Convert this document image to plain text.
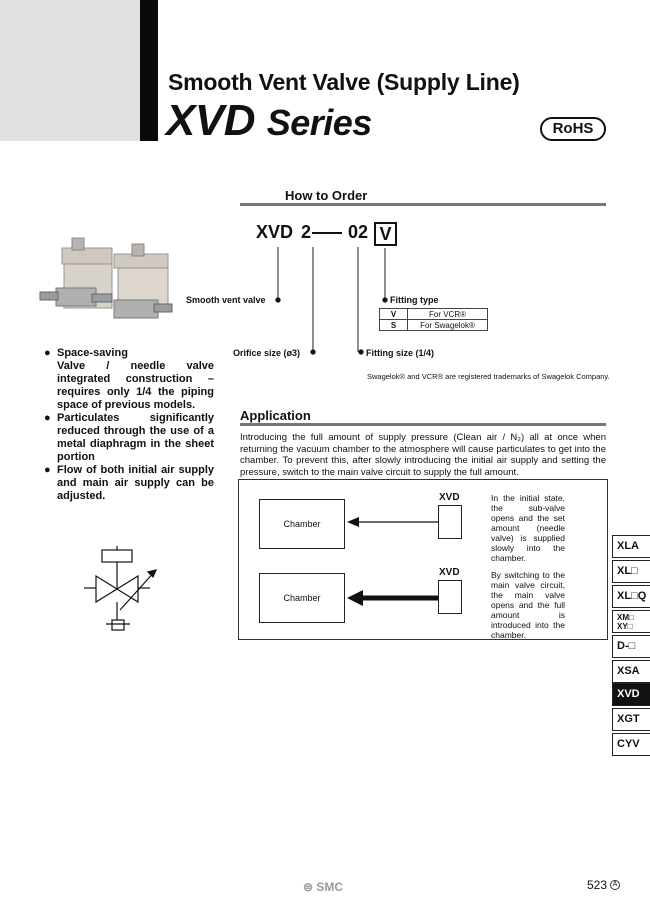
Smooth Vent Valve (Supply Line)
XVD Series	RoHS
How to Order
XVD 2 02 V
Smooth vent valve
Orifice size (ø3)	Fitting size (1/4)
Fitting type
V	For VCR®
S	For Swagelok®
Swagelok® and VCR® are registered trademarks of Swagelok Company.
● Space-saving
Valve / needle valve integrated construction – requires only 1/4 the piping space of previous models.
● Particulates significantly reduced through the use of a metal diaphragm in the sheet portion
● Flow of both initial air supply and main air supply can be adjusted.
Application
Introducing the full amount of supply pressure (Clean air / N₂) all at once when returning the vacuum chamber to the atmosphere will cause particulates to get into the chamber. To prevent this, after slowly introducing the initial air supply and setting the pressure, switch to the main valve circuit to supply the full amount.
Chamber
XVD	In the initial state, the sub-valve opens and the set amount (needle valve) is supplied slowly into the chamber.
Chamber
XVD	By switching to the main valve circuit, the main valve opens and the full amount is introduced into the chamber.
XLA
XL□
XL□Q
XM□
XY□
D-□
XSA
XVD
XGT
CYV
⊜ SMC	523 A
